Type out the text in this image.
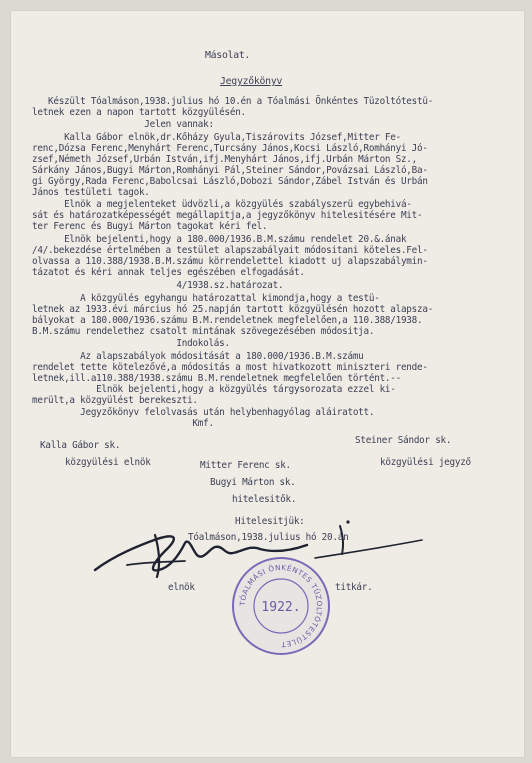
Másolat.
Jegyzőkönyv
Készült Tóalmáson,1938.julius hó 10.én a Tóalmási Önkéntes Tüzoltótestü-
letnek ezen a napon tartott közgyülésén.
Jelen vannak:
Kalla Gábor elnök,dr.Kőházy Gyula,Tiszárovits József,Mitter Fe-
renc,Dózsa Ferenc,Menyhárt Ferenc,Turcsány János,Kocsi László,Romhányi Jó-
zsef,Németh József,Urbán István,ifj.Menyhárt János,ifj.Urbán Márton Sz.,
Sárkány János,Bugyi Márton,Romhányi Pál,Steiner Sándor,Povázsai László,Ba-
gi György,Rada Ferenc,Babolcsai László,Dobozi Sándor,Zábel István és Urbán
János testületi tagok.
Elnök a megjelenteket üdvözli,a közgyülés szabályszerü egybehivá-
sát és határozatképességét megállapitja,a jegyzőkönyv hitelesitésére Mit-
ter Ferenc és Bugyi Márton tagokat kéri fel.
Elnök bejelenti,hogy a 180.000/1936.B.M.számu rendelet 20.&.ának
/4/.bekezdése értelmében a testület alapszabályait módositani köteles.Fel-
olvassa a 110.388/1938.B.M.számu körrendelettel kiadott uj alapszabálymin-
tázatot és kéri annak teljes egészében elfogadását.
4/1938.sz.határozat.
A közgyülés egyhangu határozattal kimondja,hogy a testü-
letnek az 1933.évi március hó 25.napján tartott közgyülésén hozott alapsza-
bályokat a 180.000/1936.számu B.M.rendeletnek megfelelően,a 110.388/1938.
B.M.számu rendelethez csatolt mintának szövegezésében módositja.
Indokolás.
Az alapszabályok módositását a 180.000/1936.B.M.számu
rendelet tette kötelezővé,a módositás a most hivatkozott miniszteri rende-
letnek,ill.a110.388/1938.számu B.M.rendeletnek megfelelően történt.--
Elnök bejelenti,hogy a közgyülés tárgysorozata ezzel ki-
merült,a közgyülést berekeszti.
Jegyzőkönyv felolvasás után helybenhagyólag aláiratott.
Kmf.
Kalla Gábor sk.
közgyülési elnök
Steiner Sándor sk.
közgyülési jegyző
Mitter Ferenc sk.
Bugyi Márton sk.
hitelesitők.
Hitelesitjük:
Tóalmáson,1938.julius hó 20.án
elnök	titkár.
TÓALMÁSI ÖNKÉNTES TÜZOLTÓTESTÜLET
1922.
